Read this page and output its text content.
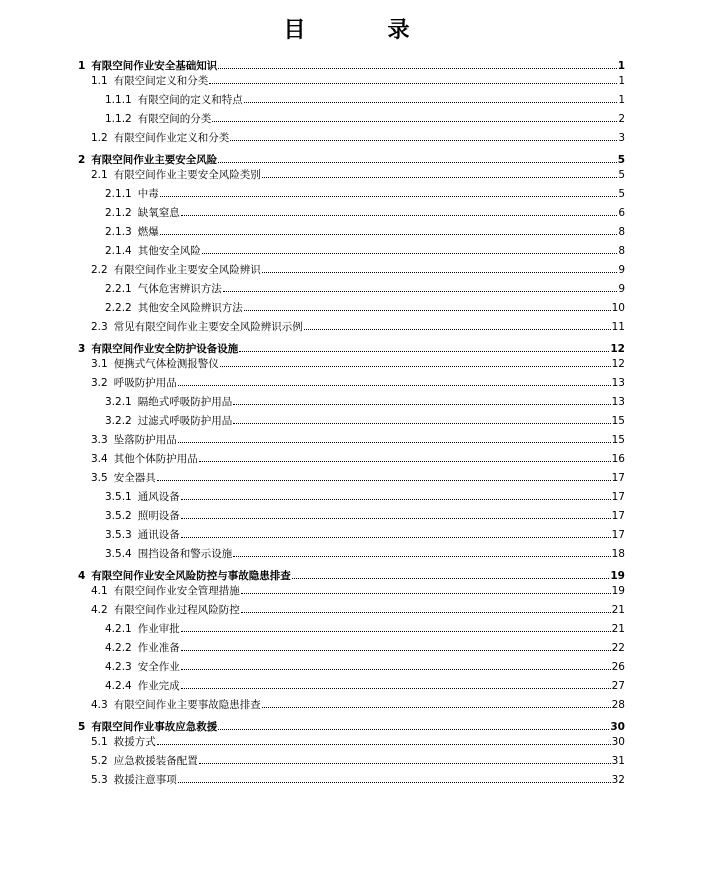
目　录
1 有限空间作业安全基础知识	1
1.1 有限空间定义和分类	1
1.1.1 有限空间的定义和特点	1
1.1.2 有限空间的分类	2
1.2 有限空间作业定义和分类	3
2 有限空间作业主要安全风险	5
2.1 有限空间作业主要安全风险类别	5
2.1.1 中毒	5
2.1.2 缺氧窒息	6
2.1.3 燃爆	8
2.1.4 其他安全风险	8
2.2 有限空间作业主要安全风险辨识	9
2.2.1 气体危害辨识方法	9
2.2.2 其他安全风险辨识方法	10
2.3 常见有限空间作业主要安全风险辨识示例	11
3 有限空间作业安全防护设备设施	12
3.1 便携式气体检测报警仪	12
3.2 呼吸防护用品	13
3.2.1 隔绝式呼吸防护用品	13
3.2.2 过滤式呼吸防护用品	15
3.3 坠落防护用品	15
3.4 其他个体防护用品	16
3.5 安全器具	17
3.5.1 通风设备	17
3.5.2 照明设备	17
3.5.3 通讯设备	17
3.5.4 围挡设备和警示设施	18
4 有限空间作业安全风险防控与事故隐患排查	19
4.1 有限空间作业安全管理措施	19
4.2 有限空间作业过程风险防控	21
4.2.1 作业审批	21
4.2.2 作业准备	22
4.2.3 安全作业	26
4.2.4 作业完成	27
4.3 有限空间作业主要事故隐患排查	28
5 有限空间作业事故应急救援	30
5.1 救援方式	30
5.2 应急救援装备配置	31
5.3 救援注意事项	32
